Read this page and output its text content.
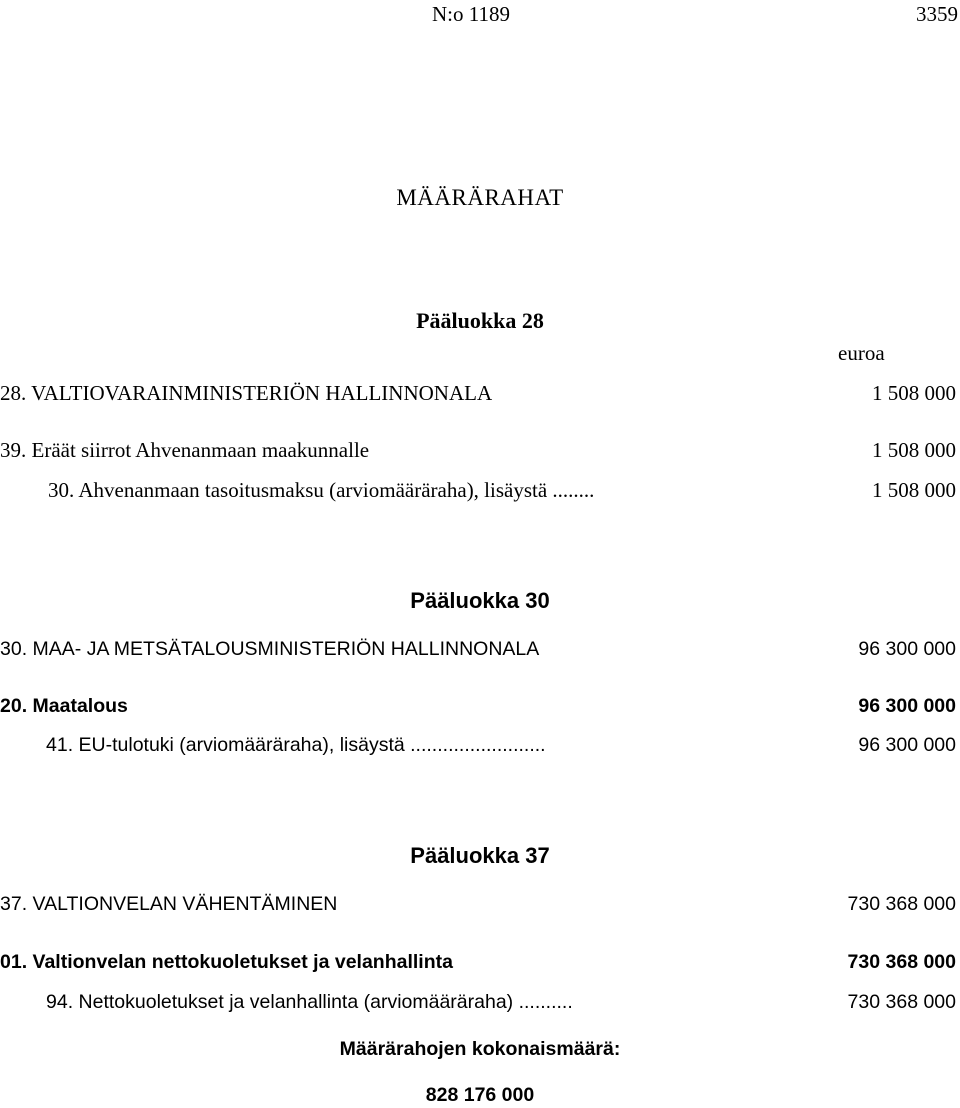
N:o 1189	3359
MÄÄRÄRAHAT
Pääluokka 28
euroa
28. VALTIOVARAINMINISTERIÖN HALLINNONALA	1 508 000
39. Eräät siirrot Ahvenanmaan maakunnalle	1 508 000
30. Ahvenanmaan tasoitusmaksu (arviomääräraha), lisäystä ........	1 508 000
Pääluokka 30
30. MAA- JA METSÄTALOUSMINISTERIÖN HALLINNONALA	96 300 000
20. Maatalous	96 300 000
41. EU-tulotuki (arviomääräraha), lisäystä .........................	96 300 000
Pääluokka 37
37. VALTIONVELAN VÄHENTÄMINEN	730 368 000
01. Valtionvelan nettokuoletukset ja velanhallinta	730 368 000
94. Nettokuoletukset ja velanhallinta (arviomääräraha) ..........	730 368 000
Määrärahojen kokonaismäärä:
828 176 000
